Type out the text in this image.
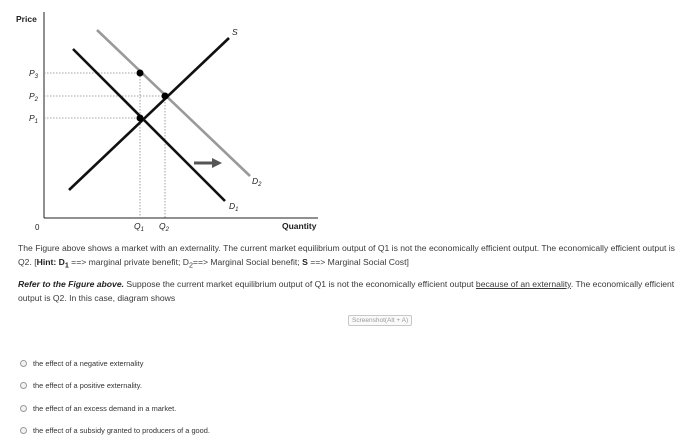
Price
Quantity
0
$P_3$
$P_2$
$P_1$
$Q_1$ $Q_2$
S
$D_2$
$D_1$

The Figure above shows a market with an externality. The current market equilibrium output of Q1 is not the economically efficient output. The economically efficient output is Q2. [Hint: $D_1$ ==> marginal private benefit; $D_2==>$ Marginal Social benefit; S ==> Marginal Social Cost]

Refer to the Figure above. Suppose the current market equilibrium output of Q1 is not the economically efficient output because of an externality. The economically efficient output is Q2. In this case, diagram shows

Screenshot(Alt + A)
the effect of a negative externality
the effect of a positive externality.
the effect of an excess demand in a market.
the effect of a subsidy granted to producers of a good.
